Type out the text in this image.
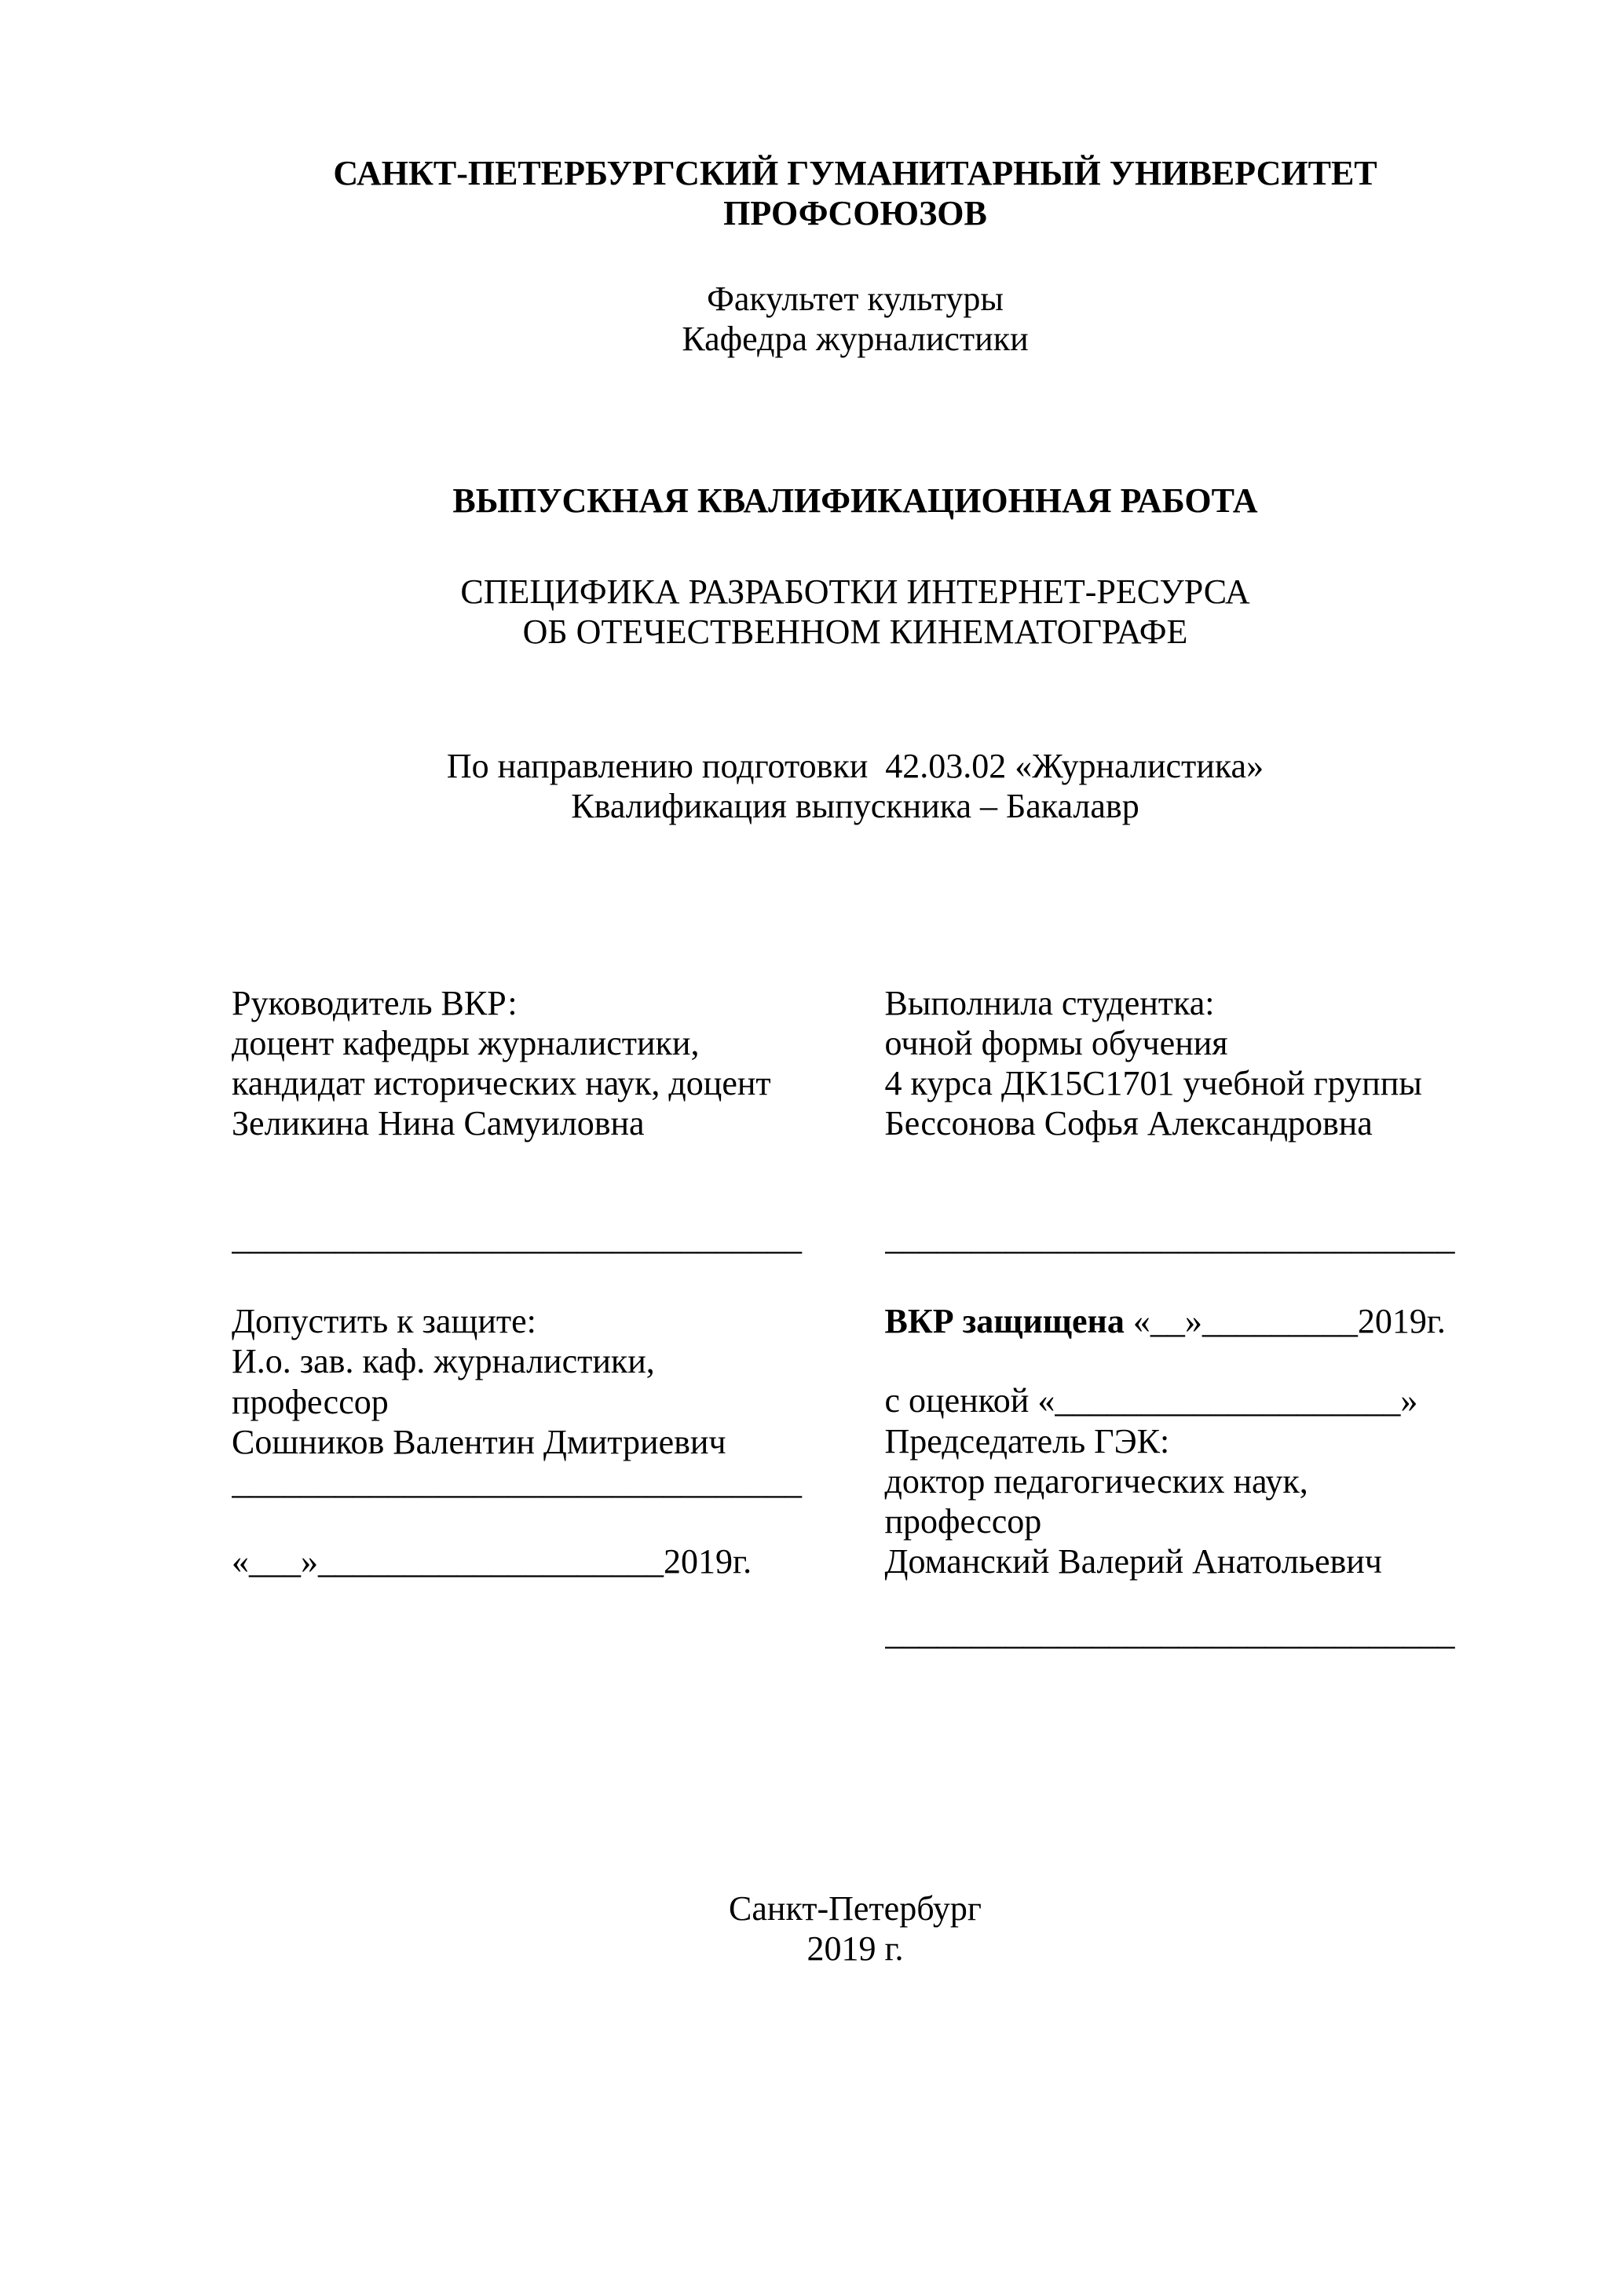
САНКТ-ПЕТЕРБУРГСКИЙ ГУМАНИТАРНЫЙ УНИВЕРСИТЕТ
ПРОФСОЮЗОВ
Факультет культуры
Кафедра журналистики
ВЫПУСКНАЯ КВАЛИФИКАЦИОННАЯ РАБОТА
СПЕЦИФИКА РАЗРАБОТКИ ИНТЕРНЕТ-РЕСУРСА
ОБ ОТЕЧЕСТВЕННОМ КИНЕМАТОГРАФЕ
По направлению подготовки  42.03.02 «Журналистика»
Квалификация выпускника – Бакалавр
Руководитель ВКР:
доцент кафедры журналистики,
кандидат исторических наук, доцент
Зеликина Нина Самуиловна
_________________________________
Выполнила студентка:
очной формы обучения
4 курса ДК15С1701 учебной группы
Бессонова Софья Александровна
_________________________________
Допустить к защите:
И.о. зав. каф. журналистики,
профессор
Сошников Валентин Дмитриевич
_________________________________
«___»____________________2019г.
ВКР защищена «__»_________2019г.
с оценкой «____________________»
Председатель ГЭК:
доктор педагогических наук,
профессор
Доманский Валерий Анатольевич
_________________________________
Санкт-Петербург
2019 г.
